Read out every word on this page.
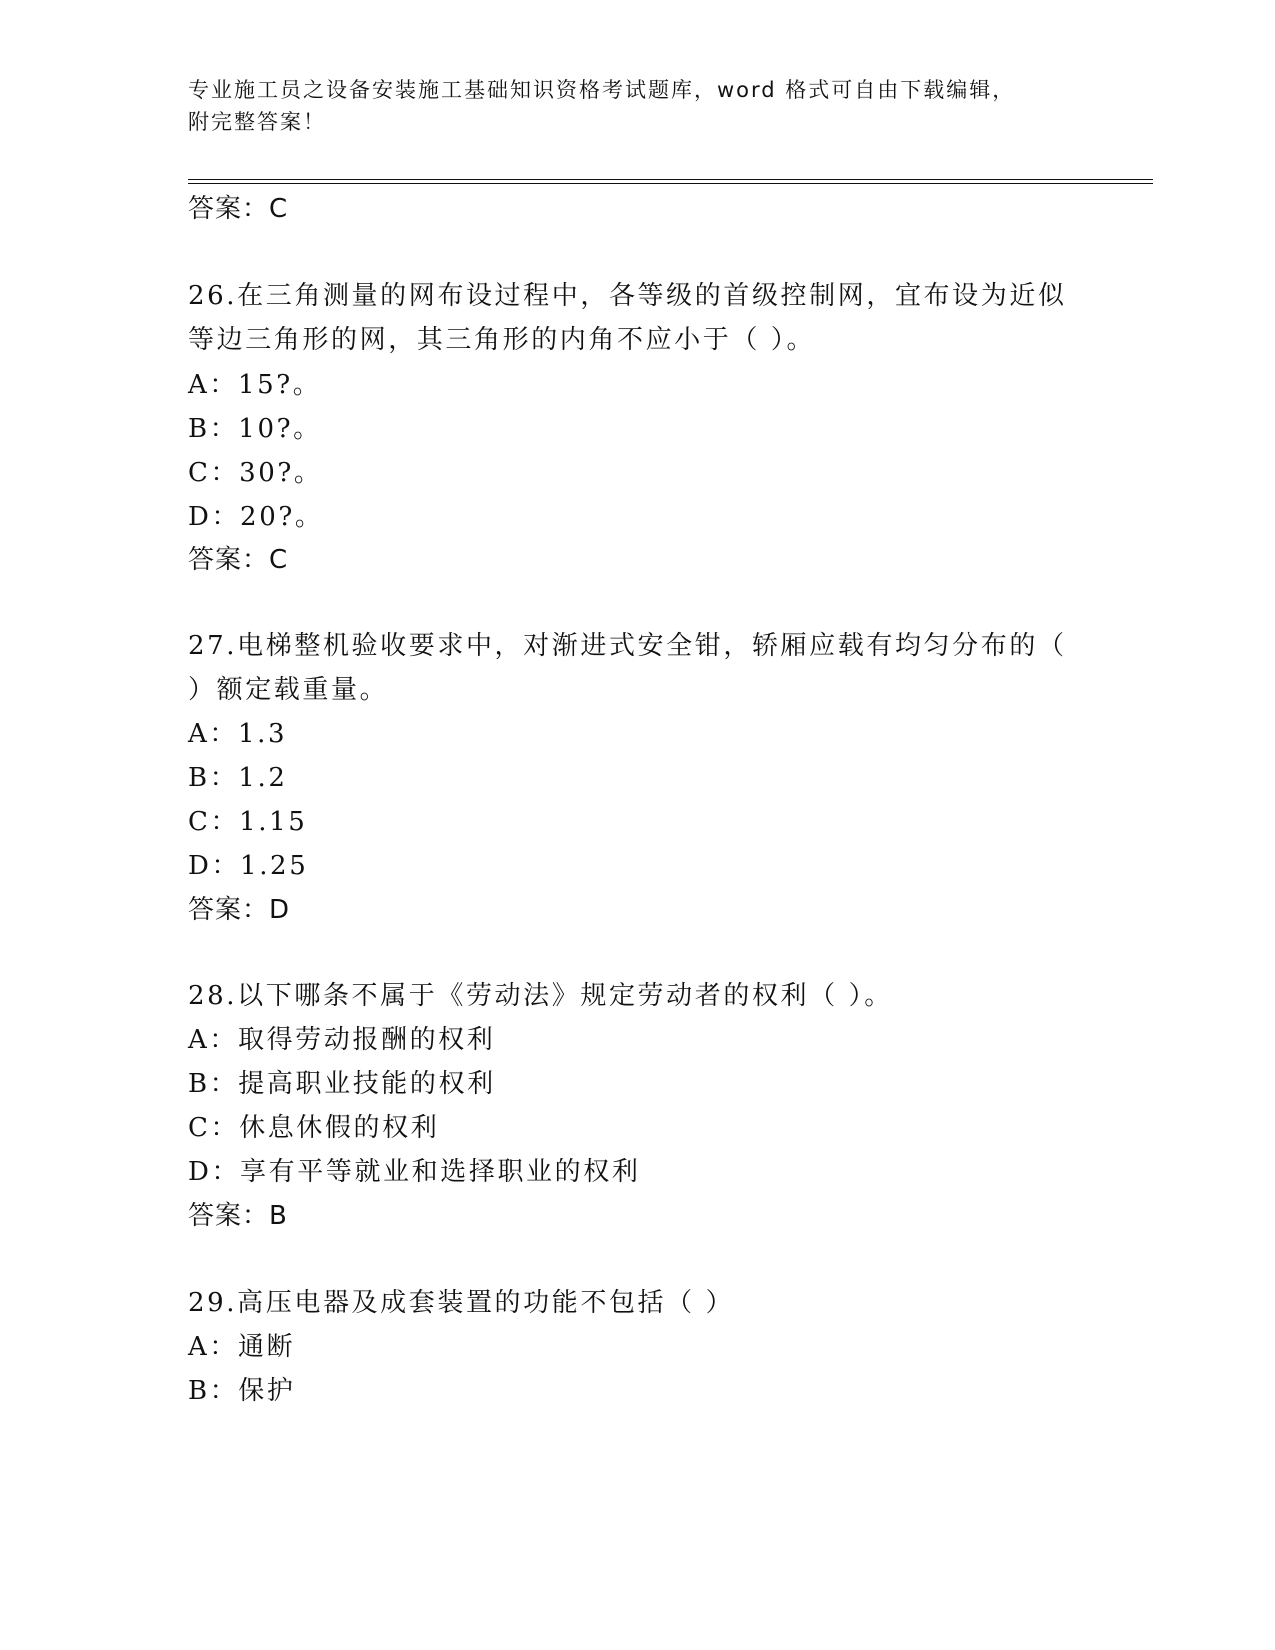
专业施工员之设备安装施工基础知识资格考试题库，word 格式可自由下载编辑，
附完整答案！
答案：C
26.在三角测量的网布设过程中，各等级的首级控制网，宜布设为近似
等边三角形的网，其三角形的内角不应小于（ ）。
A：15?。
B：10?。
C：30?。
D：20?。
答案：C
27.电梯整机验收要求中，对渐进式安全钳，轿厢应载有均匀分布的（
）额定载重量。
A：1.3
B：1.2
C：1.15
D：1.25
答案：D
28.以下哪条不属于《劳动法》规定劳动者的权利（ ）。
A：取得劳动报酬的权利
B：提高职业技能的权利
C：休息休假的权利
D：享有平等就业和选择职业的权利
答案：B
29.高压电器及成套装置的功能不包括（ ）
A：通断
B：保护
